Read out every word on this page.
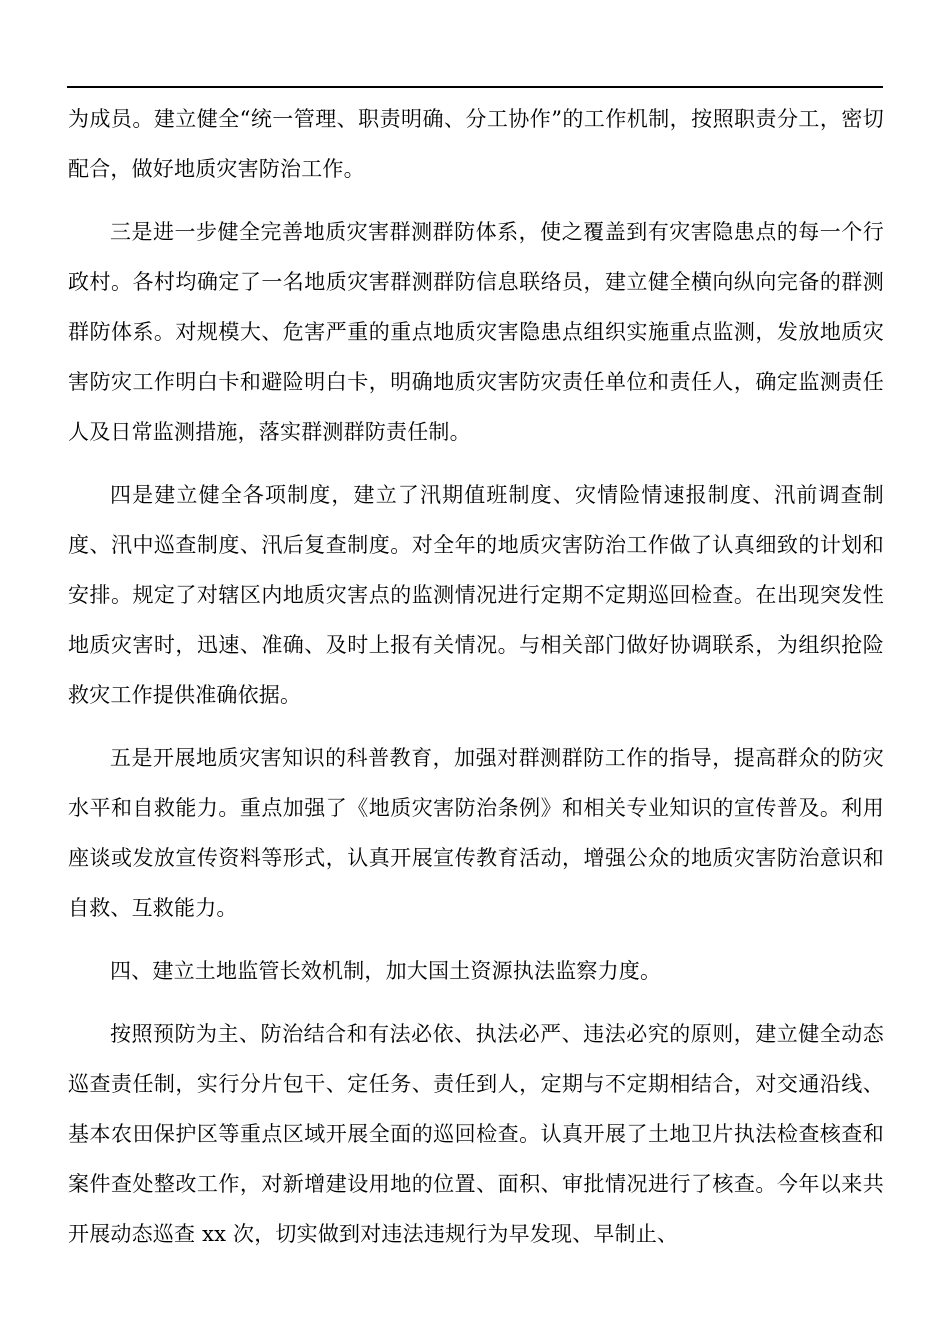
为成员。建立健全“统一管理、职责明确、分工协作”的工作机制，按照职责分工，密切配合，做好地质灾害防治工作。

三是进一步健全完善地质灾害群测群防体系，使之覆盖到有灾害隐患点的每一个行政村。各村均确定了一名地质灾害群测群防信息联络员，建立健全横向纵向完备的群测群防体系。对规模大、危害严重的重点地质灾害隐患点组织实施重点监测，发放地质灾害防灾工作明白卡和避险明白卡，明确地质灾害防灾责任单位和责任人，确定监测责任人及日常监测措施，落实群测群防责任制。

四是建立健全各项制度，建立了汛期值班制度、灾情险情速报制度、汛前调查制度、汛中巡查制度、汛后复查制度。对全年的地质灾害防治工作做了认真细致的计划和安排。规定了对辖区内地质灾害点的监测情况进行定期不定期巡回检查。在出现突发性地质灾害时，迅速、准确、及时上报有关情况。与相关部门做好协调联系，为组织抢险救灾工作提供准确依据。

五是开展地质灾害知识的科普教育，加强对群测群防工作的指导，提高群众的防灾水平和自救能力。重点加强了《地质灾害防治条例》和相关专业知识的宣传普及。利用座谈或发放宣传资料等形式，认真开展宣传教育活动，增强公众的地质灾害防治意识和自救、互救能力。

四、建立土地监管长效机制，加大国土资源执法监察力度。

按照预防为主、防治结合和有法必依、执法必严、违法必究的原则，建立健全动态巡查责任制，实行分片包干、定任务、责任到人，定期与不定期相结合，对交通沿线、基本农田保护区等重点区域开展全面的巡回检查。认真开展了土地卫片执法检查核查和案件查处整改工作，对新增建设用地的位置、面积、审批情况进行了核查。今年以来共开展动态巡查 xx 次，切实做到对违法违规行为早发现、早制止、
